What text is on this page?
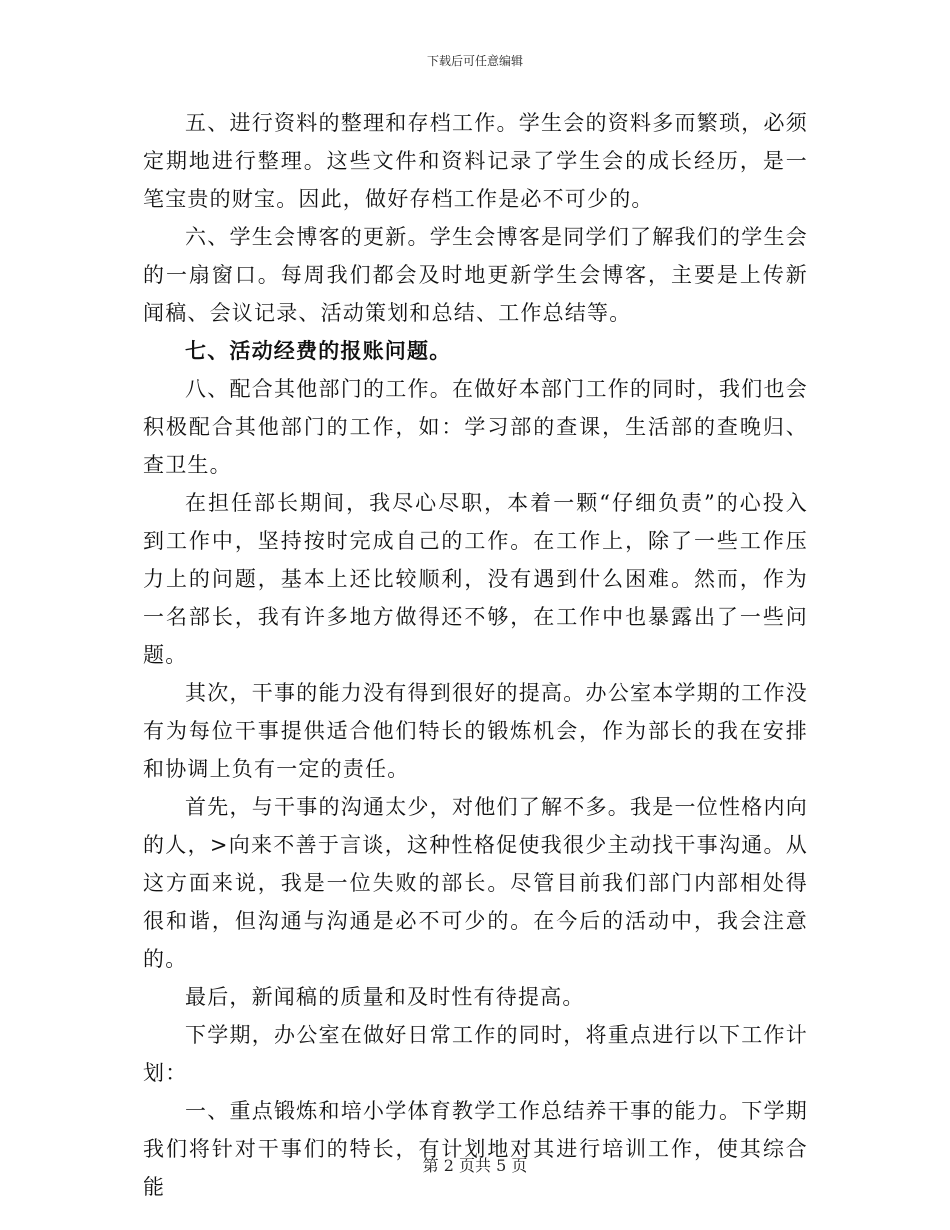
下载后可任意编辑

五、进行资料的整理和存档工作。学生会的资料多而繁琐，必须定期地进行整理。这些文件和资料记录了学生会的成长经历，是一笔宝贵的财宝。因此，做好存档工作是必不可少的。

六、学生会博客的更新。学生会博客是同学们了解我们的学生会的一扇窗口。每周我们都会及时地更新学生会博客，主要是上传新闻稿、会议记录、活动策划和总结、工作总结等。

七、活动经费的报账问题。

八、配合其他部门的工作。在做好本部门工作的同时，我们也会积极配合其他部门的工作，如：学习部的查课，生活部的查晚归、查卫生。

在担任部长期间，我尽心尽职，本着一颗“仔细负责”的心投入到工作中，坚持按时完成自己的工作。在工作上，除了一些工作压力上的问题，基本上还比较顺利，没有遇到什么困难。然而，作为一名部长，我有许多地方做得还不够，在工作中也暴露出了一些问题。

其次，干事的能力没有得到很好的提高。办公室本学期的工作没有为每位干事提供适合他们特长的锻炼机会，作为部长的我在安排和协调上负有一定的责任。

首先，与干事的沟通太少，对他们了解不多。我是一位性格内向的人，>向来不善于言谈，这种性格促使我很少主动找干事沟通。从这方面来说，我是一位失败的部长。尽管目前我们部门内部相处得很和谐，但沟通与沟通是必不可少的。在今后的活动中，我会注意的。

最后，新闻稿的质量和及时性有待提高。

下学期，办公室在做好日常工作的同时，将重点进行以下工作计划：

一、重点锻炼和培小学体育教学工作总结养干事的能力。下学期我们将针对干事们的特长，有计划地对其进行培训工作，使其综合能

第 2 页共 5 页
